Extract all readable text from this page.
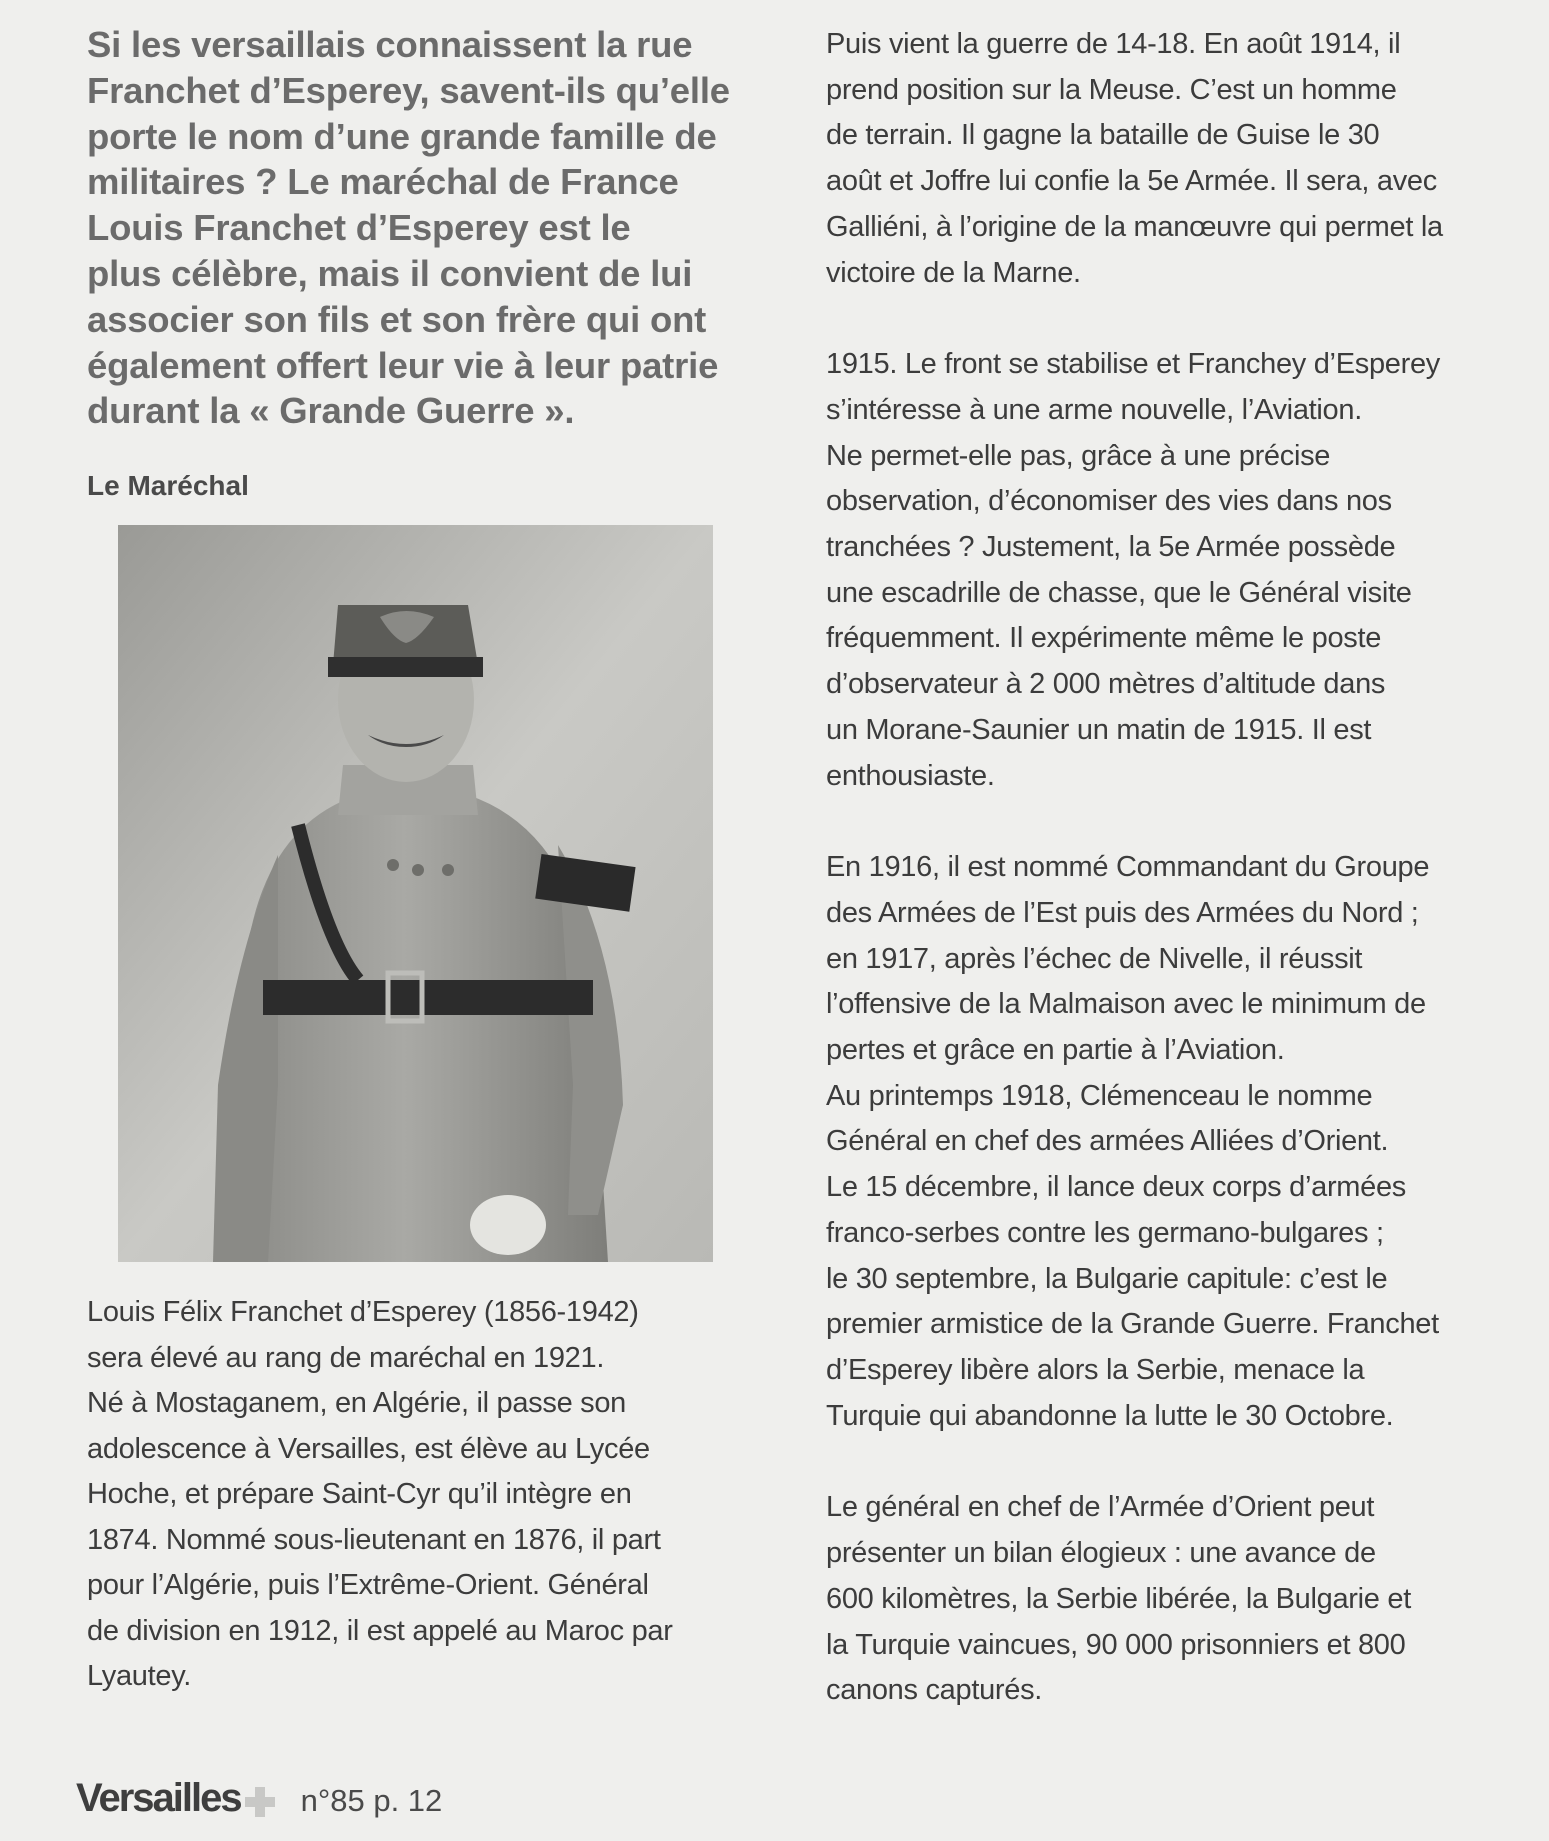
Si les versaillais connaissent la rue
Franchet d’Esperey, savent-ils qu’elle
porte le nom d’une grande famille de
militaires ? Le maréchal de France
Louis Franchet d’Esperey est le
plus célèbre, mais il convient de lui
associer son fils et son frère qui ont
également offert leur vie à leur patrie
durant la « Grande Guerre ».
Le Maréchal
Louis Félix Franchet d’Esperey (1856-1942)
sera élevé au rang de maréchal en 1921.
Né à Mostaganem, en Algérie, il passe son
adolescence à Versailles, est élève au Lycée
Hoche, et prépare Saint-Cyr qu’il intègre en
1874. Nommé sous-lieutenant en 1876, il part
pour l’Algérie, puis l’Extrême-Orient. Général
de division en 1912, il est appelé au Maroc par
Lyautey.
Puis vient la guerre de 14-18. En août 1914, il
prend position sur la Meuse. C’est un homme
de terrain. Il gagne la bataille de Guise le 30
août et Joffre lui confie la 5e Armée. Il sera, avec
Galliéni, à l’origine de la manœuvre qui permet la
victoire de la Marne.
1915. Le front se stabilise et Franchey d’Esperey
s’intéresse à une arme nouvelle, l’Aviation.
Ne permet-elle pas, grâce à une précise
observation, d’économiser des vies dans nos
tranchées ? Justement, la 5e Armée possède
une escadrille de chasse, que le Général visite
fréquemment. Il expérimente même le poste
d’observateur à 2 000 mètres d’altitude dans
un Morane-Saunier un matin de 1915. Il est
enthousiaste.
En 1916, il est nommé Commandant du Groupe
des Armées de l’Est puis des Armées du Nord ;
en 1917, après l’échec de Nivelle, il réussit
l’offensive de la Malmaison avec le minimum de
pertes et grâce en partie à l’Aviation.
Au printemps 1918, Clémenceau le nomme
Général en chef des armées Alliées d’Orient.
Le 15 décembre, il lance deux corps d’armées
franco-serbes contre les germano-bulgares ;
le 30 septembre, la Bulgarie capitule: c’est le
premier armistice de la Grande Guerre. Franchet
d’Esperey libère alors la Serbie, menace la
Turquie qui abandonne la lutte le 30 Octobre.
Le général en chef de l’Armée d’Orient peut
présenter un bilan élogieux : une avance de
600 kilomètres, la Serbie libérée, la Bulgarie et
la Turquie vaincues, 90 000 prisonniers et 800
canons capturés.
Versailles n°85 p. 12
